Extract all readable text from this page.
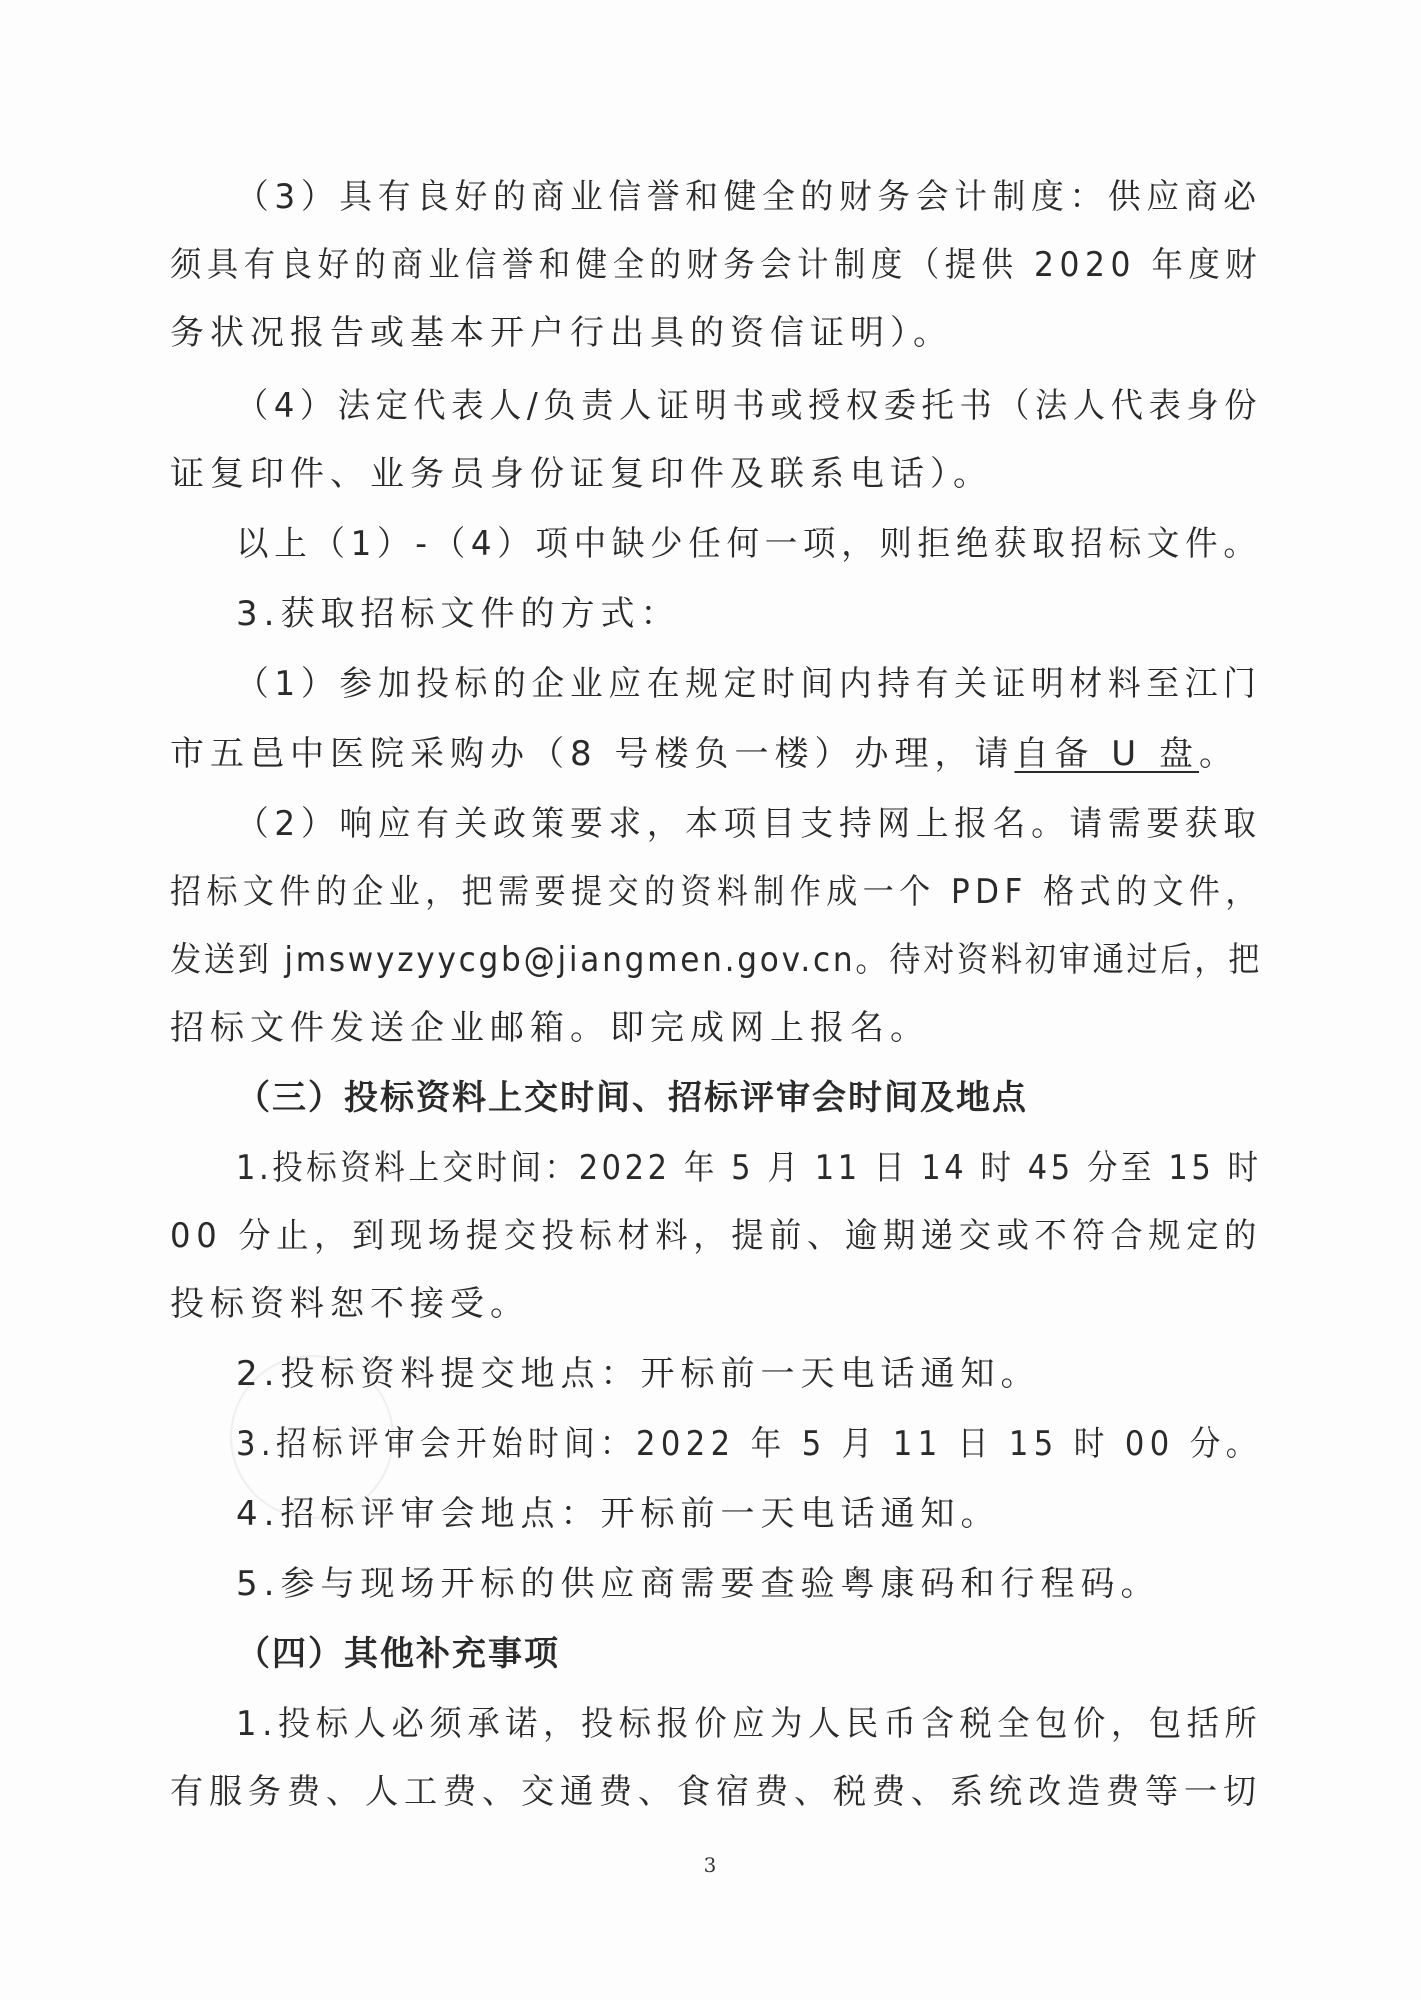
（3）具有良好的商业信誉和健全的财务会计制度：供应商必
须具有良好的商业信誉和健全的财务会计制度（提供 2020 年度财
务状况报告或基本开户行出具的资信证明）。
（4）法定代表人/负责人证明书或授权委托书（法人代表身份
证复印件、业务员身份证复印件及联系电话）。
以上（1）-（4）项中缺少任何一项，则拒绝获取招标文件。
3.获取招标文件的方式：
（1）参加投标的企业应在规定时间内持有关证明材料至江门
市五邑中医院采购办（8 号楼负一楼）办理，请自备 U 盘。
（2）响应有关政策要求，本项目支持网上报名。请需要获取
招标文件的企业，把需要提交的资料制作成一个 PDF 格式的文件，
发送到 jmswyzyycgb@jiangmen.gov.cn。待对资料初审通过后，把
招标文件发送企业邮箱。即完成网上报名。
（三）投标资料上交时间、招标评审会时间及地点
1.投标资料上交时间：2022 年 5 月 11 日 14 时 45 分至 15 时
00 分止，到现场提交投标材料，提前、逾期递交或不符合规定的
投标资料恕不接受。
2.投标资料提交地点：开标前一天电话通知。
3.招标评审会开始时间：2022 年 5 月 11 日 15 时 00 分。
4.招标评审会地点：开标前一天电话通知。
5.参与现场开标的供应商需要查验粤康码和行程码。
（四）其他补充事项
1.投标人必须承诺，投标报价应为人民币含税全包价，包括所
有服务费、人工费、交通费、食宿费、税费、系统改造费等一切
3
